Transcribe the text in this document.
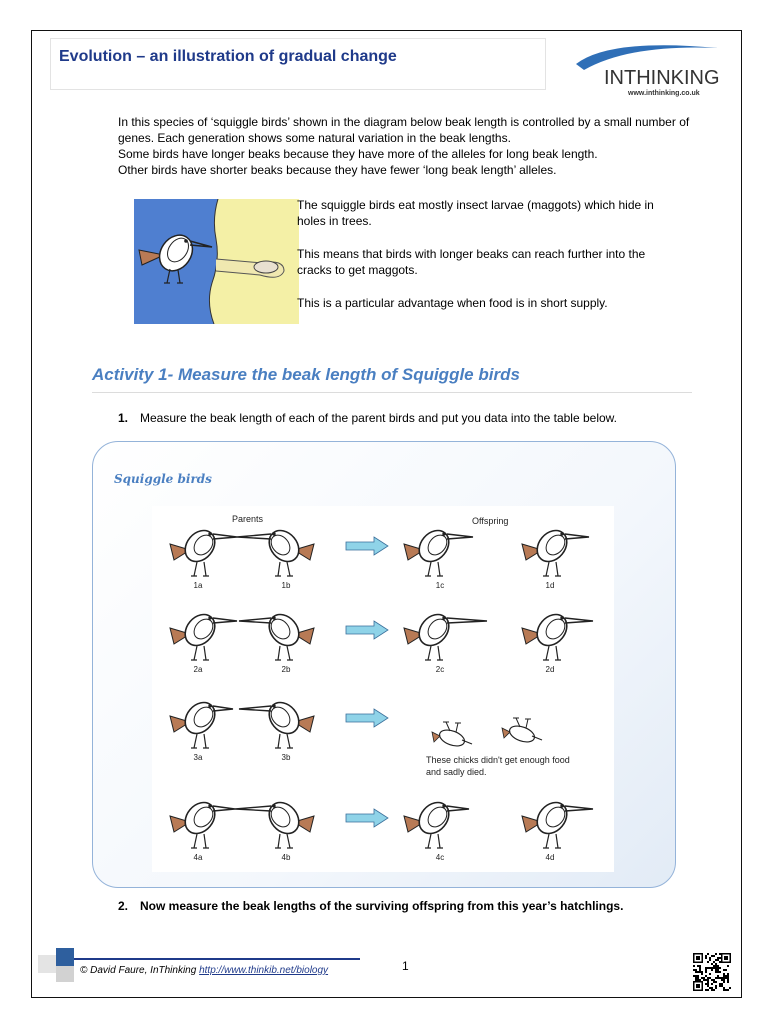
Evolution – an illustration of gradual change
INTHINKING
www.inthinking.co.uk

In this species of ‘squiggle birds’ shown in the diagram below beak length is controlled by a small number of genes. Each generation shows some natural variation in the beak lengths.

Some birds have longer beaks because they have more of the alleles for long beak length.

Other birds have shorter beaks because they have fewer ‘long beak length’ alleles.

The squiggle birds eat mostly insect larvae (maggots) which hide in holes in trees.

This means that birds with longer beaks can reach further into the cracks to get maggots.

This is a particular advantage when food is in short supply.

Activity 1- Measure the beak length of Squiggle birds
1. Measure the beak length of each of the parent birds and put you data into the table below.
Squiggle birds
Parents	Offspring
These chicks didn't get enough food
and sadly died.
1a	1b	1c	1d
2a	2b	2c	2d
3a	3b
4a	4b	4c	4d
2. Now measure the beak lengths of the surviving offspring from this year’s hatchlings.
© David Faure, InThinking http://www.thinkib.net/biology	1
